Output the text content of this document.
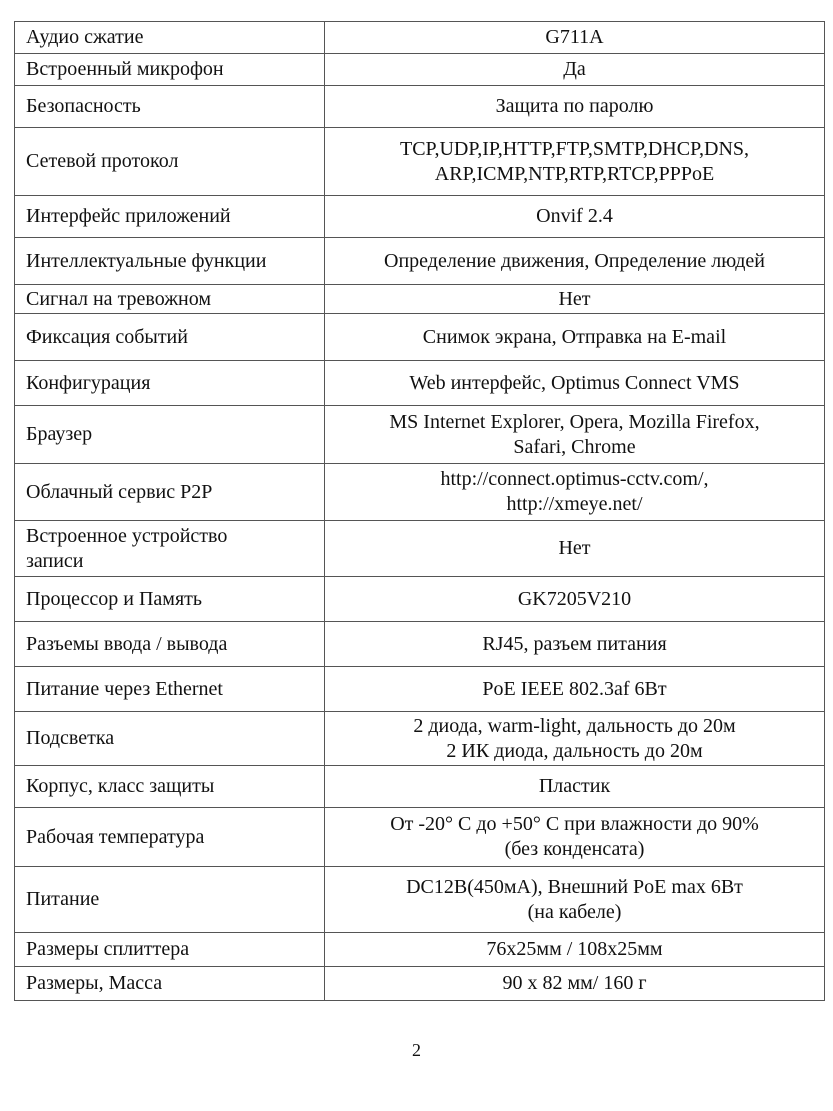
Аудио сжатие	G711A

Встроенный микрофон	Да

Безопасность	Защита по паролю

Сетевой протокол	TCP,UDP,IP,HTTP,FTP,SMTP,DHCP,DNS,
ARP,ICMP,NTP,RTP,RTCP,PPPoE

Интерфейс приложений	Onvif 2.4

Интеллектуальные функции	Определение движения, Определение людей

Сигнал на тревожном	Нет

Фиксация событий	Снимок экрана, Отправка на E-mail

Конфигурация	Web интерфейс, Optimus Connect VMS

Браузер	MS Internet Explorer, Opera, Mozilla Firefox,
Safari, Chrome

Облачный сервис P2P	http://connect.optimus-cctv.com/,
http://xmeye.net/

Встроенное устройство
записи	Нет

Процессор и Память	GK7205V210

Разъемы ввода / вывода	RJ45, разъем питания

Питание через Ethernet	PoE IEEE 802.3af 6Вт

Подсветка	2 диода, warm-light, дальность до 20м
2 ИК диода, дальность до 20м

Корпус, класс защиты	Пластик

Рабочая температура	От -20° C до +50° C при влажности до 90%
(без конденсата)

Питание	DC12В(450мА), Внешний PoE max 6Вт
(на кабеле)

Размеры сплиттера	76х25мм / 108х25мм

Размеры, Масса	90 х 82 мм/ 160 г
2
